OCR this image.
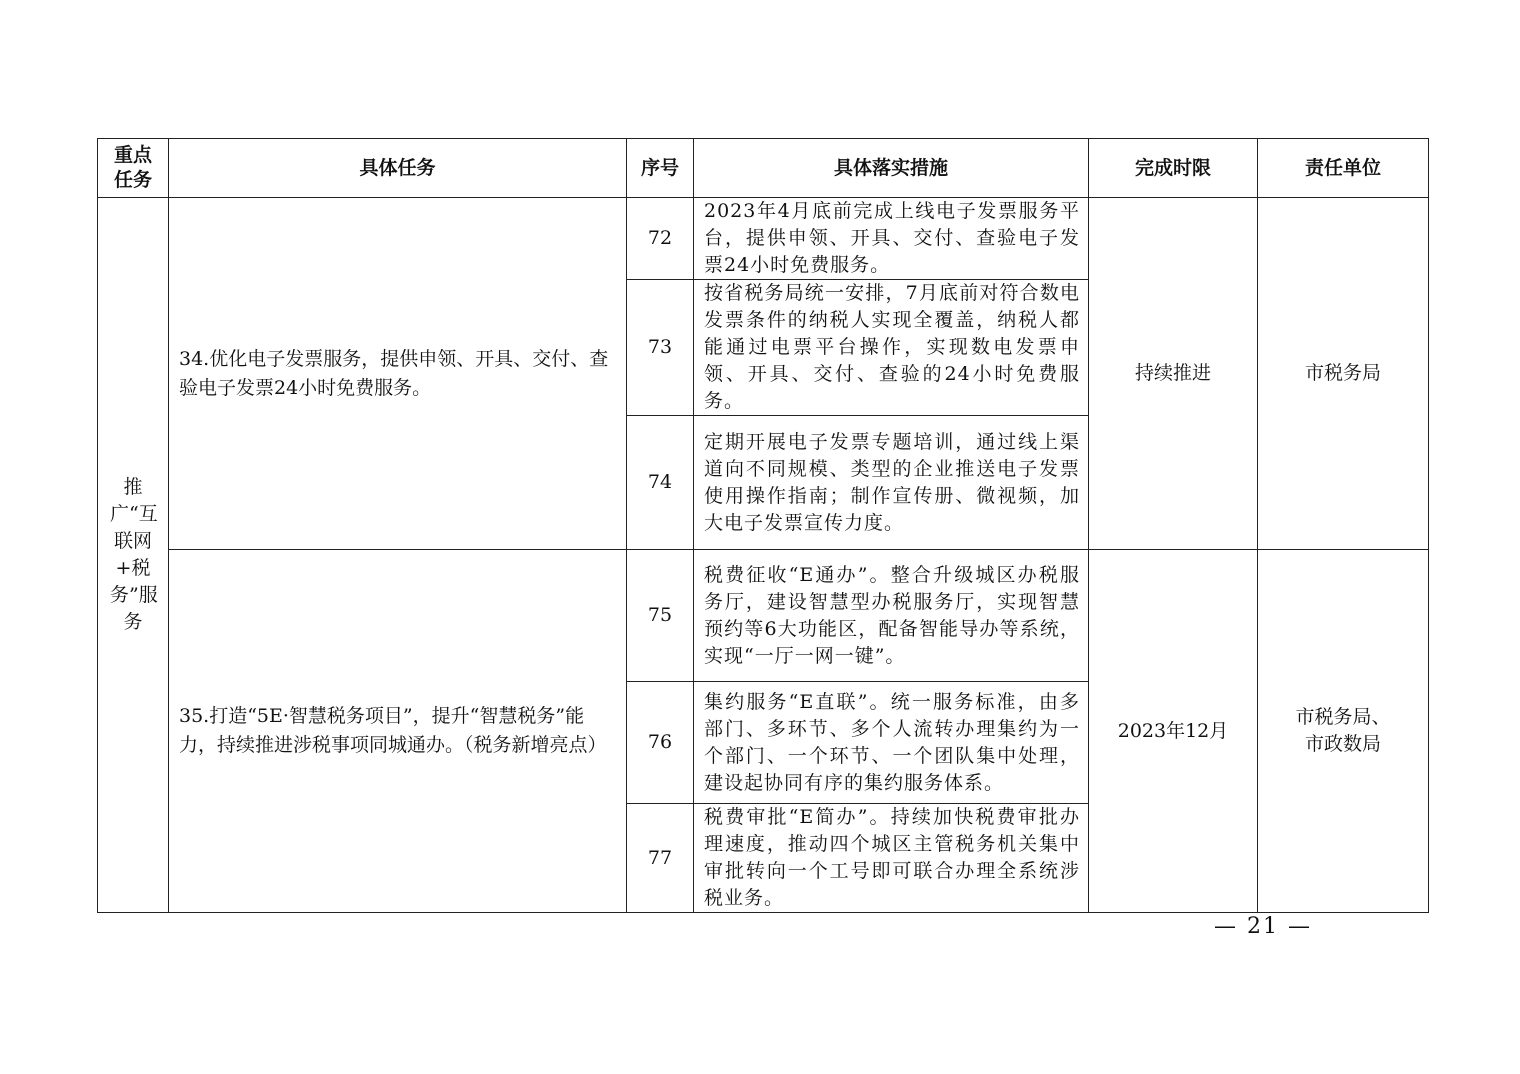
重点任务	具体任务	序号	具体落实措施	完成时限	责任单位
推广“互联网+税务”服务	34.优化电子发票服务，提供申领、开具、交付、查验电子发票24小时免费服务。	72	2023年4月底前完成上线电子发票服务平台，提供申领、开具、交付、查验电子发票24小时免费服务。	持续推进	市税务局

		73	按省税务局统一安排，7月底前对符合数电发票条件的纳税人实现全覆盖，纳税人都能通过电票平台操作，实现数电发票申领、开具、交付、查验的24小时免费服务。		
		74	定期开展电子发票专题培训，通过线上渠道向不同规模、类型的企业推送电子发票使用操作指南；制作宣传册、微视频，加大电子发票宣传力度。		
	35.打造“5E·智慧税务项目”，提升“智慧税务”能力，持续推进涉税事项同城通办。（税务新增亮点）	75	税费征收“E通办”。整合升级城区办税服务厅，建设智慧型办税服务厅，实现智慧预约等6大功能区，配备智能导办等系统，实现“一厅一网一键”。	2023年12月	市税务局、
市政数局

		76	集约服务“E直联”。统一服务标准，由多部门、多环节、多个人流转办理集约为一个部门、一个环节、一个团队集中处理，建设起协同有序的集约服务体系。		
		77	税费审批“E简办”。持续加快税费审批办理速度，推动四个城区主管税务机关集中审批转向一个工号即可联合办理全系统涉税业务。		
— 21 —
